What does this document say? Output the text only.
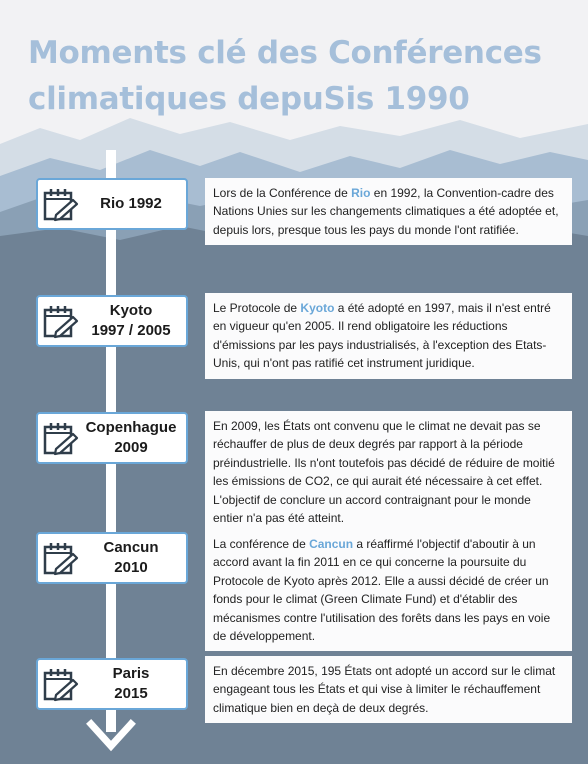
Moments clé des Conférences climatiques depuSis 1990
Rio 1992
Lors de la Conférence de Rio en 1992, la Convention-cadre des Nations Unies sur les changements climatiques a été adoptée et, depuis lors, presque tous les pays du monde l'ont ratifiée.
Kyoto
1997 / 2005
Le Protocole de Kyoto a été adopté en 1997, mais il n'est entré en vigueur qu'en 2005. Il rend obligatoire les réductions d'émissions par les pays industrialisés, à l'exception des Etats-Unis, qui n'ont pas ratifié cet instrument juridique.
Copenhague
2009
En 2009, les États ont convenu que le climat ne devait pas se réchauffer de plus de deux degrés par rapport à la période préindustrielle. Ils n'ont toutefois pas décidé de réduire de moitié les émissions de CO2, ce qui aurait été nécessaire à cet effet. L'objectif de conclure un accord contraignant pour le monde entier n'a pas été atteint.
Cancun
2010
La conférence de Cancun a réaffirmé l'objectif d'aboutir à un accord avant la fin 2011 en ce qui concerne la poursuite du Protocole de Kyoto après 2012. Elle a aussi décidé de créer un fonds pour le climat (Green Climate Fund) et d'établir des mécanismes contre l'utilisation des forêts dans les pays en voie de développement.
Paris
2015
En décembre 2015, 195 États ont adopté un accord sur le climat engageant tous les États et qui vise à limiter le réchauffement climatique bien en deçà de deux degrés.
